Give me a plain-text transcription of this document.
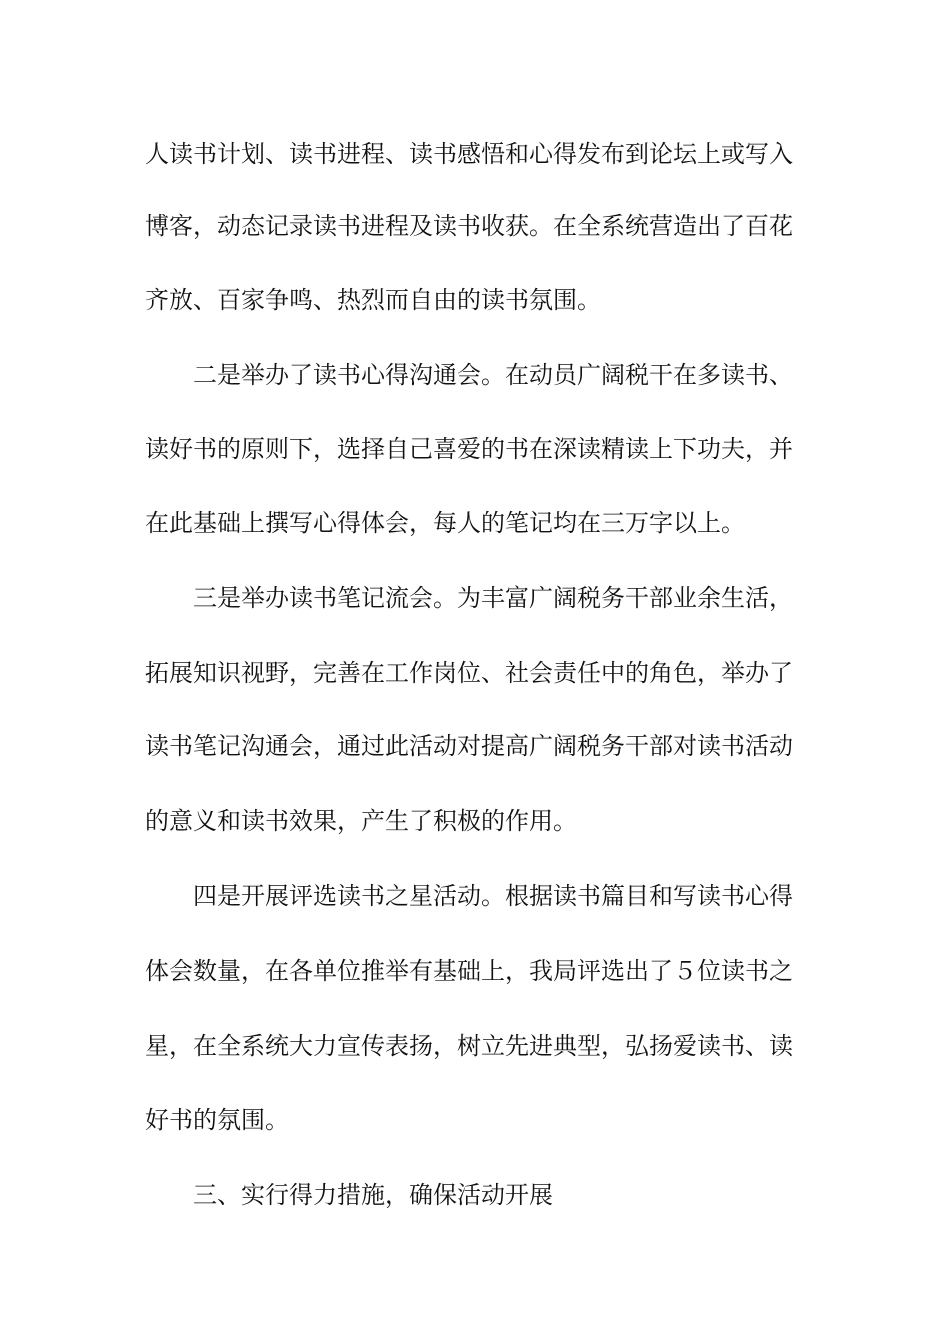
人读书计划、读书进程、读书感悟和心得发布到论坛上或写入
博客，动态记录读书进程及读书收获。在全系统营造出了百花
齐放、百家争鸣、热烈而自由的读书氛围。
二是举办了读书心得沟通会。在动员广阔税干在多读书、
读好书的原则下，选择自己喜爱的书在深读精读上下功夫，并
在此基础上撰写心得体会，每人的笔记均在三万字以上。
三是举办读书笔记流会。为丰富广阔税务干部业余生活，
拓展知识视野，完善在工作岗位、社会责任中的角色，举办了
读书笔记沟通会，通过此活动对提高广阔税务干部对读书活动
的意义和读书效果，产生了积极的作用。
四是开展评选读书之星活动。根据读书篇目和写读书心得
体会数量，在各单位推举有基础上，我局评选出了５位读书之
星，在全系统大力宣传表扬，树立先进典型，弘扬爱读书、读
好书的氛围。
三、实行得力措施，确保活动开展
